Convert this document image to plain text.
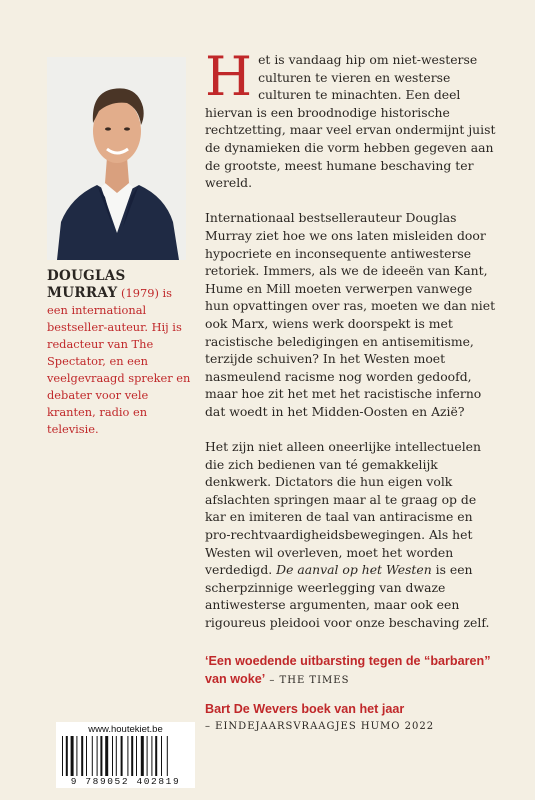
DOUGLAS MURRAY (1979) is een international bestseller-auteur. Hij is redacteur van The Spectator, en een veelgevraagd spreker en debater voor vele kranten, radio en televisie.

Het is vandaag hip om niet-westerse culturen te vieren en westerse culturen te minachten. Een deel hiervan is een broodnodige historische rechtzetting, maar veel ervan ondermijnt juist de dynamieken die vorm hebben gegeven aan de grootste, meest humane beschaving ter wereld.

Internationaal bestsellerauteur Douglas Murray ziet hoe we ons laten misleiden door hypocriete en inconsequente antiwesterse retoriek. Immers, als we de ideeën van Kant, Hume en Mill moeten verwerpen vanwege hun opvattingen over ras, moeten we dan niet ook Marx, wiens werk doorspekt is met racistische beledigingen en antisemitisme, terzijde schuiven? In het Westen moet nasmeulend racisme nog worden gedoofd, maar hoe zit het met het racistische inferno dat woedt in het Midden-Oosten en Azië?

Het zijn niet alleen oneerlijke intellectuelen die zich bedienen van té gemakkelijk denkwerk. Dictators die hun eigen volk afslachten springen maar al te graag op de kar en imiteren de taal van antiracisme en pro-rechtvaardigheidsbewegingen. Als het Westen wil overleven, moet het worden verdedigd. De aanval op het Westen is een scherpzinnige weerlegging van dwaze antiwesterse argumenten, maar ook een rigoureus pleidooi voor onze beschaving zelf.

‘Een woedende uitbarsting tegen de “barbaren” van woke’ – THE TIMES
Bart De Wevers boek van het jaar
– EINDEJAARSVRAAGJES HUMO 2022
www.houtekiet.be
9 789052 402819
